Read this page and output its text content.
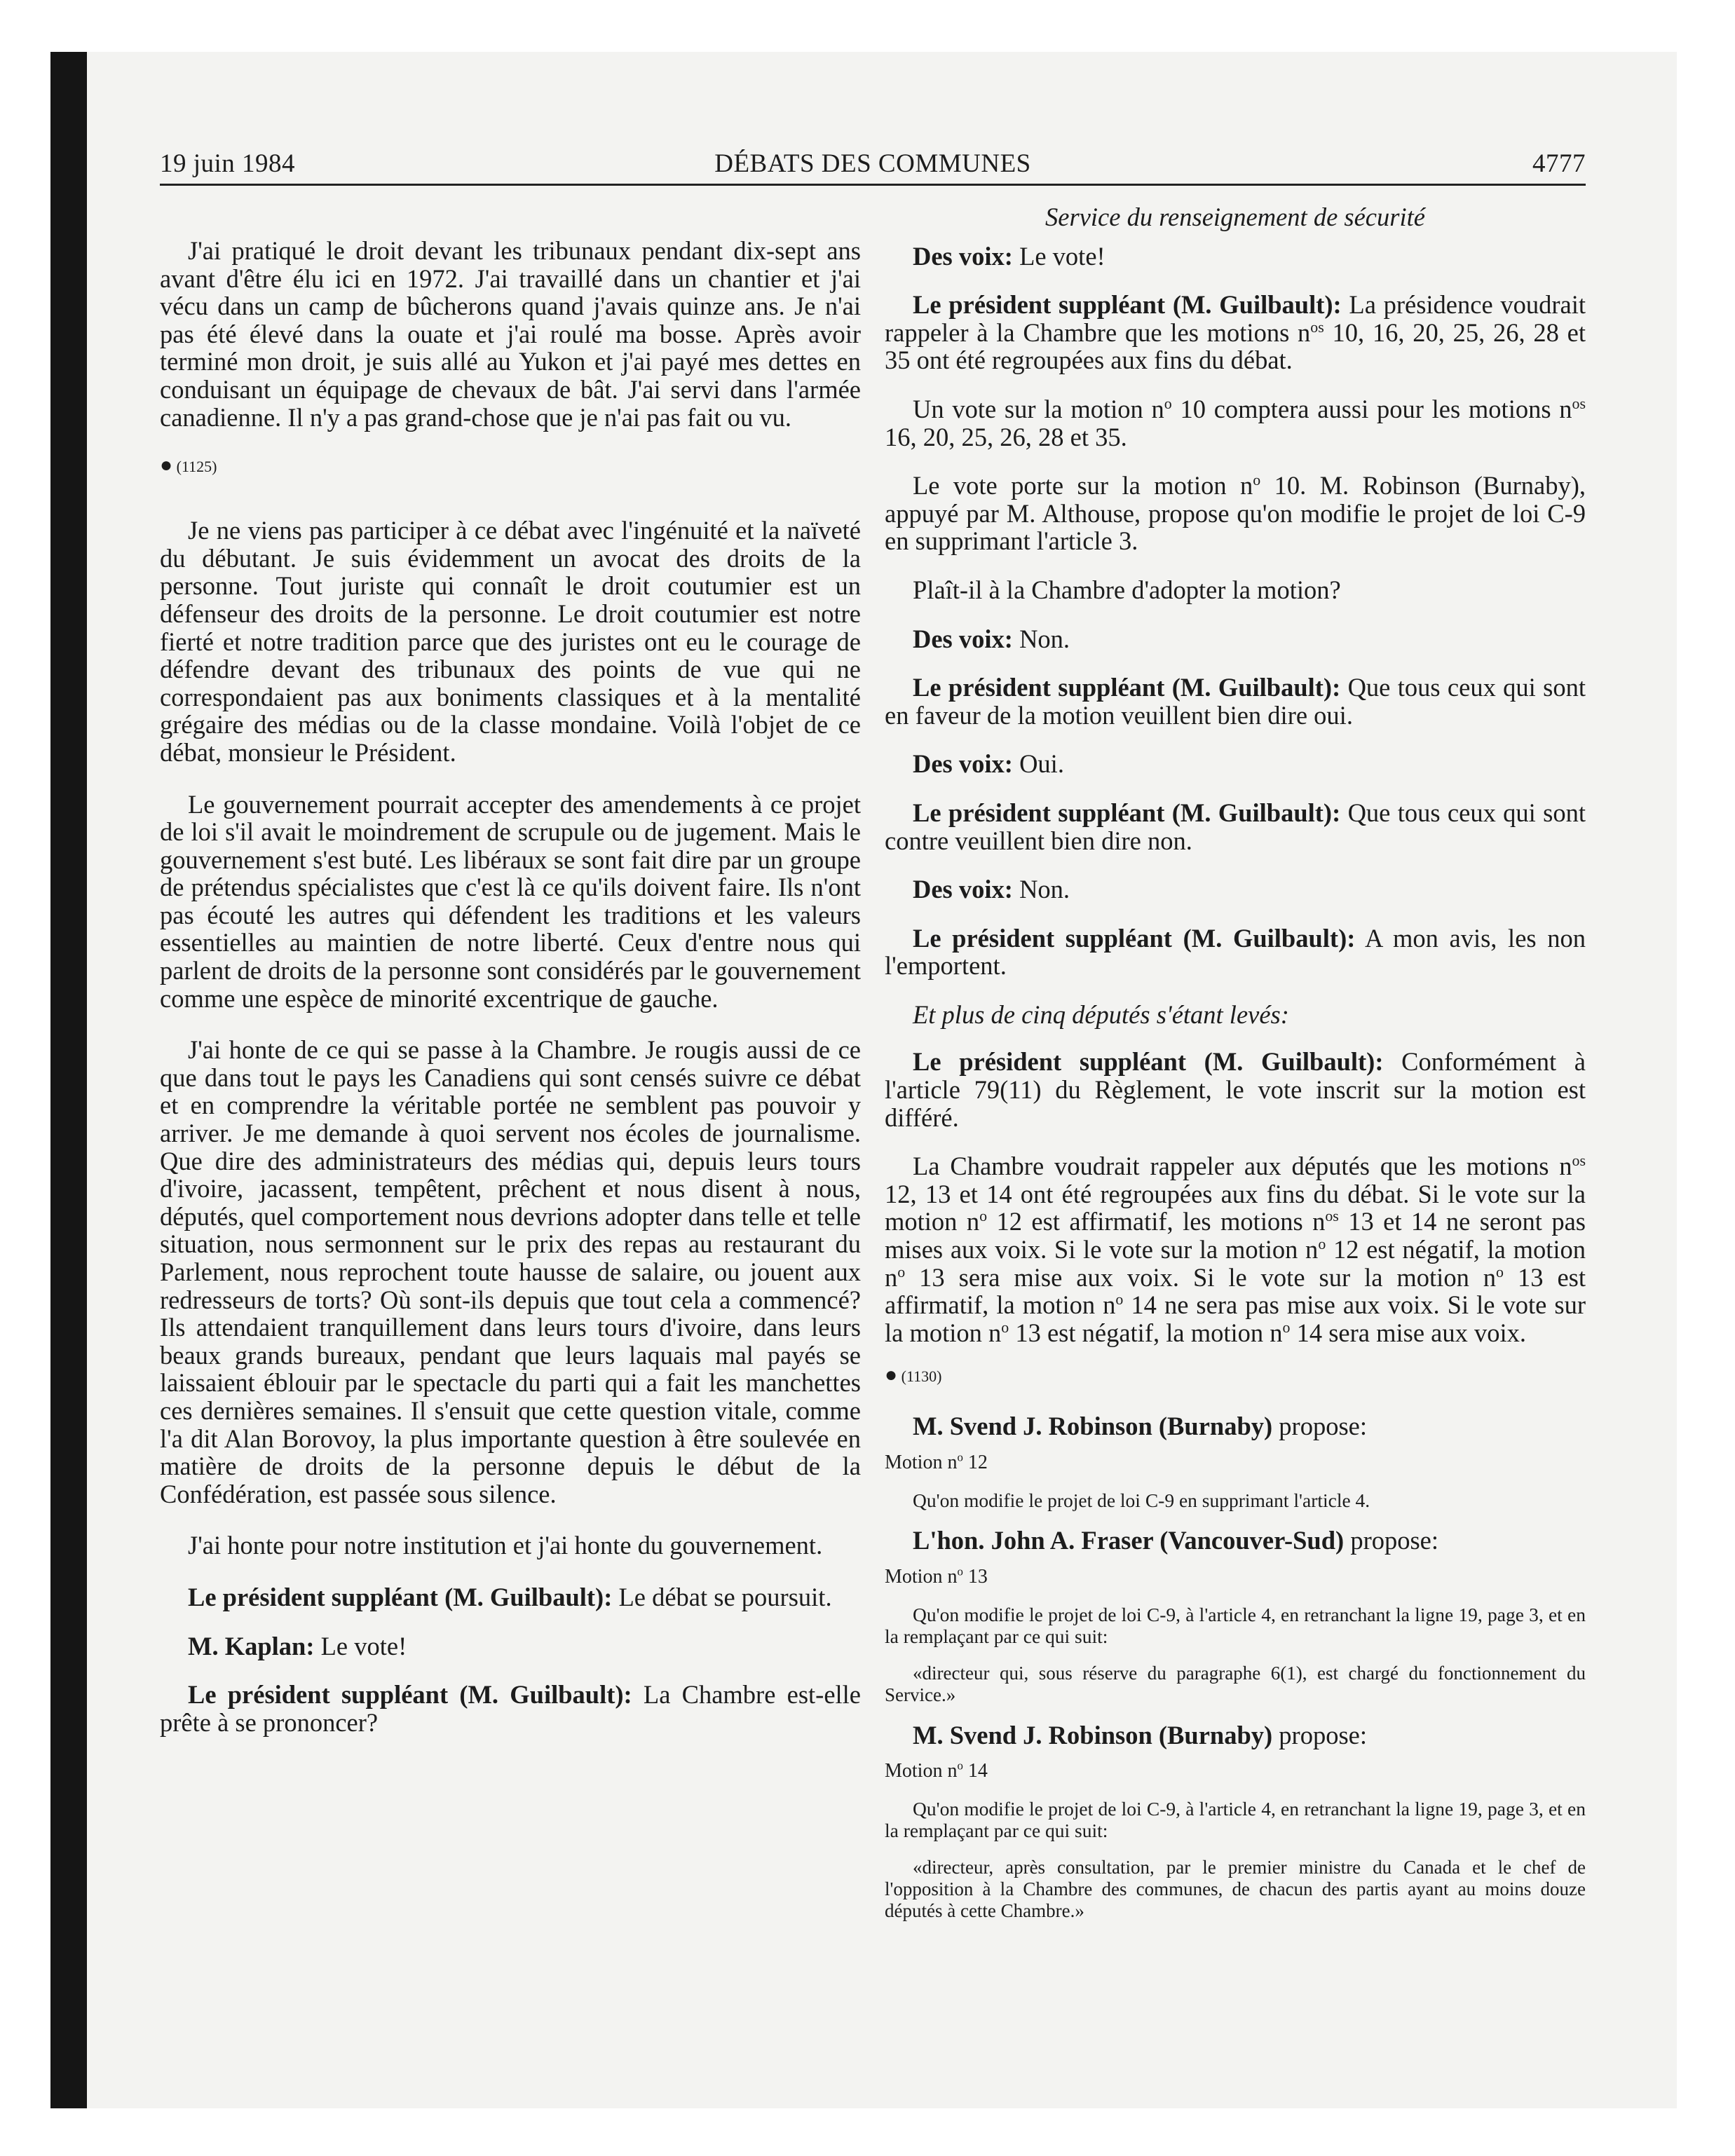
19 juin 1984	DÉBATS DES COMMUNES	4777

J'ai pratiqué le droit devant les tribunaux pendant dix-sept ans avant d'être élu ici en 1972. J'ai travaillé dans un chantier et j'ai vécu dans un camp de bûcherons quand j'avais quinze ans. Je n'ai pas été élevé dans la ouate et j'ai roulé ma bosse. Après avoir terminé mon droit, je suis allé au Yukon et j'ai payé mes dettes en conduisant un équipage de chevaux de bât. J'ai servi dans l'armée canadienne. Il n'y a pas grand-chose que je n'ai pas fait ou vu.

● (1125)

Je ne viens pas participer à ce débat avec l'ingénuité et la naïveté du débutant. Je suis évidemment un avocat des droits de la personne. Tout juriste qui connaît le droit coutumier est un défenseur des droits de la personne. Le droit coutumier est notre fierté et notre tradition parce que des juristes ont eu le courage de défendre devant des tribunaux des points de vue qui ne correspondaient pas aux boniments classiques et à la mentalité grégaire des médias ou de la classe mondaine. Voilà l'objet de ce débat, monsieur le Président.

Le gouvernement pourrait accepter des amendements à ce projet de loi s'il avait le moindrement de scrupule ou de jugement. Mais le gouvernement s'est buté. Les libéraux se sont fait dire par un groupe de prétendus spécialistes que c'est là ce qu'ils doivent faire. Ils n'ont pas écouté les autres qui défendent les traditions et les valeurs essentielles au maintien de notre liberté. Ceux d'entre nous qui parlent de droits de la personne sont considérés par le gouvernement comme une espèce de minorité excentrique de gauche.

J'ai honte de ce qui se passe à la Chambre. Je rougis aussi de ce que dans tout le pays les Canadiens qui sont censés suivre ce débat et en comprendre la véritable portée ne semblent pas pouvoir y arriver. Je me demande à quoi servent nos écoles de journalisme. Que dire des administrateurs des médias qui, depuis leurs tours d'ivoire, jacassent, tempêtent, prêchent et nous disent à nous, députés, quel comportement nous devrions adopter dans telle et telle situation, nous sermonnent sur le prix des repas au restaurant du Parlement, nous reprochent toute hausse de salaire, ou jouent aux redresseurs de torts? Où sont-ils depuis que tout cela a commencé? Ils attendaient tranquillement dans leurs tours d'ivoire, dans leurs beaux grands bureaux, pendant que leurs laquais mal payés se laissaient éblouir par le spectacle du parti qui a fait les manchettes ces dernières semaines. Il s'ensuit que cette question vitale, comme l'a dit Alan Borovoy, la plus importante question à être soulevée en matière de droits de la personne depuis le début de la Confédération, est passée sous silence.

J'ai honte pour notre institution et j'ai honte du gouvernement.

Le président suppléant (M. Guilbault): Le débat se poursuit.

M. Kaplan: Le vote!

Le président suppléant (M. Guilbault): La Chambre est-elle prête à se prononcer?

Service du renseignement de sécurité

Des voix: Le vote!

Le président suppléant (M. Guilbault): La présidence voudrait rappeler à la Chambre que les motions $n^{os}$ 10, 16, 20, 25, 26, 28 et 35 ont été regroupées aux fins du débat.

Un vote sur la motion $n^o$ 10 comptera aussi pour les motions $n^{os}$ 16, 20, 25, 26, 28 et 35.

Le vote porte sur la motion $n^o$ 10. M. Robinson (Burnaby), appuyé par M. Althouse, propose qu'on modifie le projet de loi C-9 en supprimant l'article 3.

Plaît-il à la Chambre d'adopter la motion?

Des voix: Non.

Le président suppléant (M. Guilbault): Que tous ceux qui sont en faveur de la motion veuillent bien dire oui.

Des voix: Oui.

Le président suppléant (M. Guilbault): Que tous ceux qui sont contre veuillent bien dire non.

Des voix: Non.

Le président suppléant (M. Guilbault): A mon avis, les non l'emportent.

Et plus de cinq députés s'étant levés:

Le président suppléant (M. Guilbault): Conformément à l'article 79(11) du Règlement, le vote inscrit sur la motion est différé.

La Chambre voudrait rappeler aux députés que les motions $n^{os}$ 12, 13 et 14 ont été regroupées aux fins du débat. Si le vote sur la motion $n^o$ 12 est affirmatif, les motions $n^{os}$ 13 et 14 ne seront pas mises aux voix. Si le vote sur la motion $n^o$ 12 est négatif, la motion $n^o$ 13 sera mise aux voix. Si le vote sur la motion $n^o$ 13 est affirmatif, la motion $n^o$ 14 ne sera pas mise aux voix. Si le vote sur la motion $n^o$ 13 est négatif, la motion $n^o$ 14 sera mise aux voix.

● (1130)

M. Svend J. Robinson (Burnaby) propose:

Motion $n^o$ 12

Qu'on modifie le projet de loi C-9 en supprimant l'article 4.

L'hon. John A. Fraser (Vancouver-Sud) propose:

Motion $n^o$ 13

Qu'on modifie le projet de loi C-9, à l'article 4, en retranchant la ligne 19, page 3, et en la remplaçant par ce qui suit:

«directeur qui, sous réserve du paragraphe 6(1), est chargé du fonctionnement du Service.»

M. Svend J. Robinson (Burnaby) propose:

Motion $n^o$ 14

Qu'on modifie le projet de loi C-9, à l'article 4, en retranchant la ligne 19, page 3, et en la remplaçant par ce qui suit:

«directeur, après consultation, par le premier ministre du Canada et le chef de l'opposition à la Chambre des communes, de chacun des partis ayant au moins douze députés à cette Chambre.»
